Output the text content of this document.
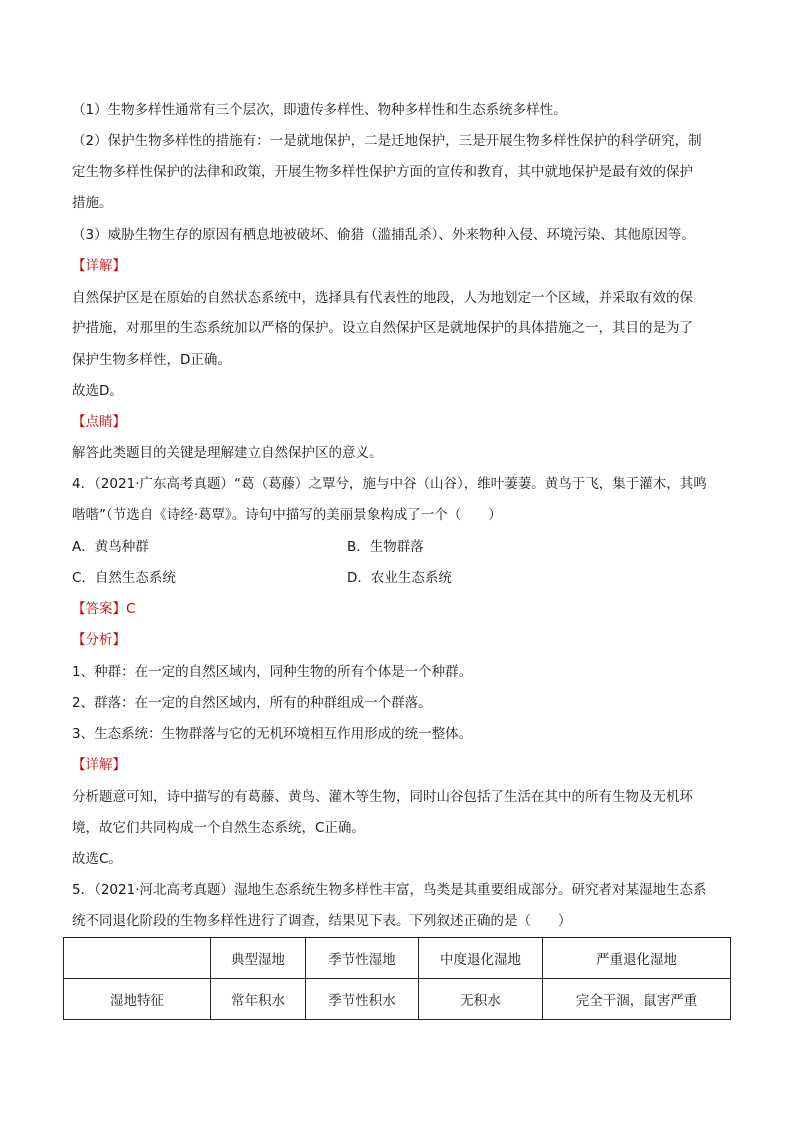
（1）生物多样性通常有三个层次，即遗传多样性、物种多样性和生态系统多样性。

（2）保护生物多样性的措施有：一是就地保护，二是迁地保护，三是开展生物多样性保护的科学研究，制

定生物多样性保护的法律和政策，开展生物多样性保护方面的宣传和教育，其中就地保护是最有效的保护

措施。

（3）威胁生物生存的原因有栖息地被破坏、偷猎（滥捕乱杀）、外来物种入侵、环境污染、其他原因等。

【详解】

自然保护区是在原始的自然状态系统中，选择具有代表性的地段，人为地划定一个区域，并采取有效的保

护措施，对那里的生态系统加以严格的保护。设立自然保护区是就地保护的具体措施之一，其目的是为了

保护生物多样性，D正确。

故选D。

【点睛】

解答此类题目的关键是理解建立自然保护区的意义。

4．（2021·广东高考真题）“葛（葛藤）之覃兮，施与中谷（山谷），维叶萋萋。黄鸟于飞，集于灌木，其鸣

喈喈”（节选自《诗经·葛覃》。诗句中描写的美丽景象构成了一个（　　）

A．黄鸟种群	B．生物群落
C．自然生态系统	D．农业生态系统

【答案】C

【分析】

1、种群：在一定的自然区域内，同种生物的所有个体是一个种群。

2、群落：在一定的自然区域内，所有的种群组成一个群落。

3、生态系统：生物群落与它的无机环境相互作用形成的统一整体。

【详解】

分析题意可知，诗中描写的有葛藤、黄鸟、灌木等生物，同时山谷包括了生活在其中的所有生物及无机环

境，故它们共同构成一个自然生态系统，C正确。

故选C。

5．（2021·河北高考真题）湿地生态系统生物多样性丰富，鸟类是其重要组成部分。研究者对某湿地生态系

统不同退化阶段的生物多样性进行了调查，结果见下表。下列叙述正确的是（　　）

	典型湿地	季节性湿地	中度退化湿地	严重退化湿地
湿地特征	常年积水	季节性积水	无积水	完全干涸，鼠害严重
